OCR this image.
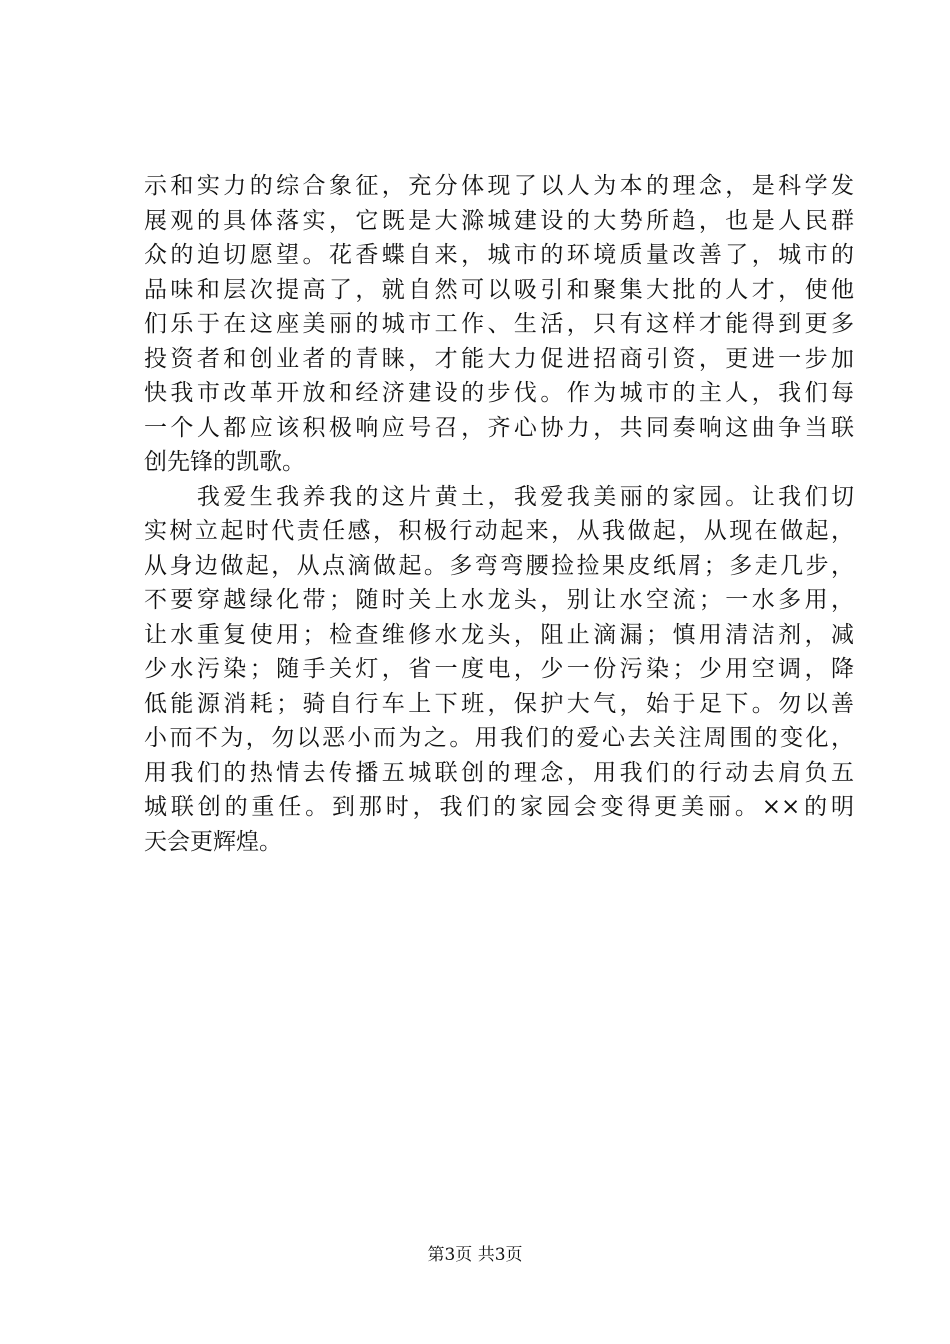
示和实力的综合象征，充分体现了以人为本的理念，是科学发
展观的具体落实，它既是大滁城建设的大势所趋，也是人民群
众的迫切愿望。花香蝶自来，城市的环境质量改善了，城市的
品味和层次提高了，就自然可以吸引和聚集大批的人才，使他
们乐于在这座美丽的城市工作、生活，只有这样才能得到更多
投资者和创业者的青睐，才能大力促进招商引资，更进一步加
快我市改革开放和经济建设的步伐。作为城市的主人，我们每
一个人都应该积极响应号召，齐心协力，共同奏响这曲争当联
创先锋的凯歌。
　　我爱生我养我的这片黄土，我爱我美丽的家园。让我们切
实树立起时代责任感，积极行动起来，从我做起，从现在做起，
从身边做起，从点滴做起。多弯弯腰捡捡果皮纸屑；多走几步，
不要穿越绿化带；随时关上水龙头，别让水空流；一水多用，
让水重复使用；检查维修水龙头，阻止滴漏；慎用清洁剂，减
少水污染；随手关灯，省一度电，少一份污染；少用空调，降
低能源消耗；骑自行车上下班，保护大气，始于足下。勿以善
小而不为，勿以恶小而为之。用我们的爱心去关注周围的变化，
用我们的热情去传播五城联创的理念，用我们的行动去肩负五
城联创的重任。到那时，我们的家园会变得更美丽。××的明
天会更辉煌。
第3页 共3页
